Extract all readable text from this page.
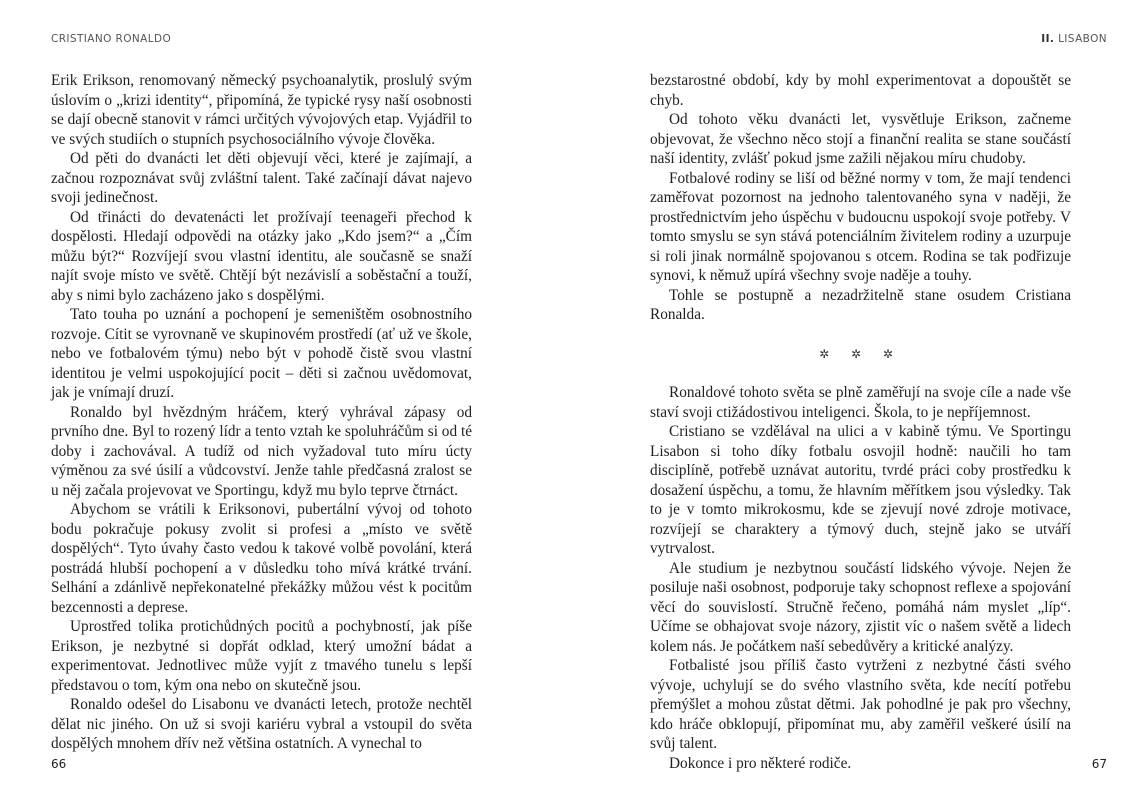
CRISTIANO RONALDO

Erik Erikson, renomovaný německý psychoanalytik, proslulý svým úslovím o „krizi identity“, připomíná, že typické rysy naší osobnosti se dají obecně stanovit v rámci určitých vývojových etap. Vyjádřil to ve svých studiích o stupních psychosociálního vývoje člověka.

Od pěti do dvanácti let děti objevují věci, které je zajímají, a začnou rozpoznávat svůj zvláštní talent. Také začínají dávat najevo svoji jedinečnost.

Od třinácti do devatenácti let prožívají teenageři přechod k dospělosti. Hledají odpovědi na otázky jako „Kdo jsem?“ a „Čím můžu být?“ Rozvíjejí svou vlastní identitu, ale současně se snaží najít svoje místo ve světě. Chtějí být nezávislí a soběstační a touží, aby s nimi bylo zacházeno jako s dospělými.

Tato touha po uznání a pochopení je semeništěm osobnostního rozvoje. Cítit se vyrovnaně ve skupinovém prostředí (ať už ve škole, nebo ve fotbalovém týmu) nebo být v pohodě čistě svou vlastní identitou je velmi uspokojující pocit – děti si začnou uvědomovat, jak je vnímají druzí.

Ronaldo byl hvězdným hráčem, který vyhrával zápasy od prvního dne. Byl to rozený lídr a tento vztah ke spoluhráčům si od té doby i zachovával. A tudíž od nich vyžadoval tuto míru úcty výměnou za své úsilí a vůdcovství. Jenže tahle předčasná zralost se u něj začala projevovat ve Sportingu, když mu bylo teprve čtrnáct.

Abychom se vrátili k Eriksonovi, pubertální vývoj od tohoto bodu pokračuje pokusy zvolit si profesi a „místo ve světě dospělých“. Tyto úvahy často vedou k takové volbě povolání, která postrádá hlubší pochopení a v důsledku toho mívá krátké trvání. Selhání a zdánlivě nepřekonatelné překážky můžou vést k pocitům bezcennosti a deprese.

Uprostřed tolika protichůdných pocitů a pochybností, jak píše Erikson, je nezbytné si dopřát odklad, který umožní bádat a experimentovat. Jednotlivec může vyjít z tmavého tunelu s lepší představou o tom, kým ona nebo on skutečně jsou.

Ronaldo odešel do Lisabonu ve dvanácti letech, protože nechtěl dělat nic jiného. On už si svoji kariéru vybral a vstoupil do světa dospělých mnohem dřív než většina ostatních. A vynechal to

66
II. LISABON

bezstarostné období, kdy by mohl experimentovat a dopouštět se chyb.

Od tohoto věku dvanácti let, vysvětluje Erikson, začneme objevovat, že všechno něco stojí a finanční realita se stane součástí naší identity, zvlášť pokud jsme zažili nějakou míru chudoby.

Fotbalové rodiny se liší od běžné normy v tom, že mají tendenci zaměřovat pozornost na jednoho talentovaného syna v naději, že prostřednictvím jeho úspěchu v budoucnu uspokojí svoje potřeby. V tomto smyslu se syn stává potenciálním živitelem rodiny a uzurpuje si roli jinak normálně spojovanou s otcem. Rodina se tak podřizuje synovi, k němuž upírá všechny svoje naděje a touhy.

Tohle se postupně a nezadržitelně stane osudem Cristiana Ronalda.

✲ ✲ ✲

Ronaldové tohoto světa se plně zaměřují na svoje cíle a nade vše staví svoji ctižádostivou inteligenci. Škola, to je nepříjemnost.

Cristiano se vzdělával na ulici a v kabině týmu. Ve Sportingu Lisabon si toho díky fotbalu osvojil hodně: naučili ho tam disciplíně, potřebě uznávat autoritu, tvrdé práci coby prostředku k dosažení úspěchu, a tomu, že hlavním měřítkem jsou výsledky. Tak to je v tomto mikrokosmu, kde se zjevují nové zdroje motivace, rozvíjejí se charaktery a týmový duch, stejně jako se utváří vytrvalost.

Ale studium je nezbytnou součástí lidského vývoje. Nejen že posiluje naši osobnost, podporuje taky schopnost reflexe a spojování věcí do souvislostí. Stručně řečeno, pomáhá nám myslet „líp“. Učíme se obhajovat svoje názory, zjistit víc o našem světě a lidech kolem nás. Je počátkem naší sebedůvěry a kritické analýzy.

Fotbalisté jsou příliš často vytrženi z nezbytné části svého vývoje, uchylují se do svého vlastního světa, kde necítí potřebu přemýšlet a mohou zůstat dětmi. Jak pohodlné je pak pro všechny, kdo hráče obklopují, připomínat mu, aby zaměřil veškeré úsilí na svůj talent.

Dokonce i pro některé rodiče.	67
